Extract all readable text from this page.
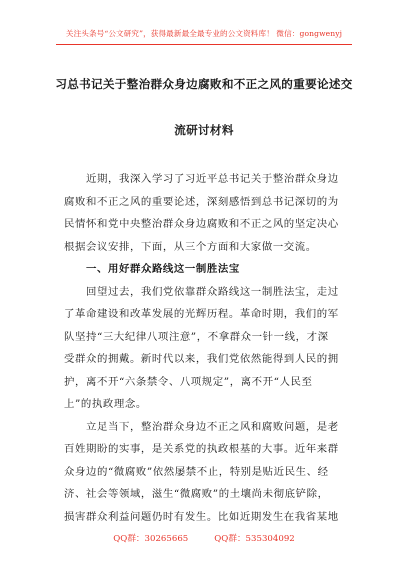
关注头条号“公文研究”，获得最新最全最专业的公文资料库！ 微信：gongwenyj
习总书记关于整治群众身边腐败和不正之风的重要论述交
流研讨材料
近期，我深入学习了习近平总书记关于整治群众身边
腐败和不正之风的重要论述，深刻感悟到总书记深切的为
民情怀和党中央整治群众身边腐败和不正之风的坚定决心
根据会议安排，下面，从三个方面和大家做一交流。
一、用好群众路线这一制胜法宝
回望过去，我们党依靠群众路线这一制胜法宝，走过
了革命建设和改革发展的光辉历程。革命时期，我们的军
队坚持“三大纪律八项注意”，不拿群众一针一线，才深
受群众的拥戴。新时代以来，我们党依然能得到人民的拥
护，离不开“六条禁令、八项规定”，离不开“人民至
上”的执政理念。
立足当下，整治群众身边不正之风和腐败问题，是老
百姓期盼的实事，是关系党的执政根基的大事。近年来群
众身边的“微腐败”依然屡禁不止，特别是贴近民生、经
济、社会等领域，滋生“微腐败”的土壤尚未彻底铲除，
损害群众利益问题仍时有发生。比如近期发生在我省某地
QQ群：30265665	QQ群：535304092
